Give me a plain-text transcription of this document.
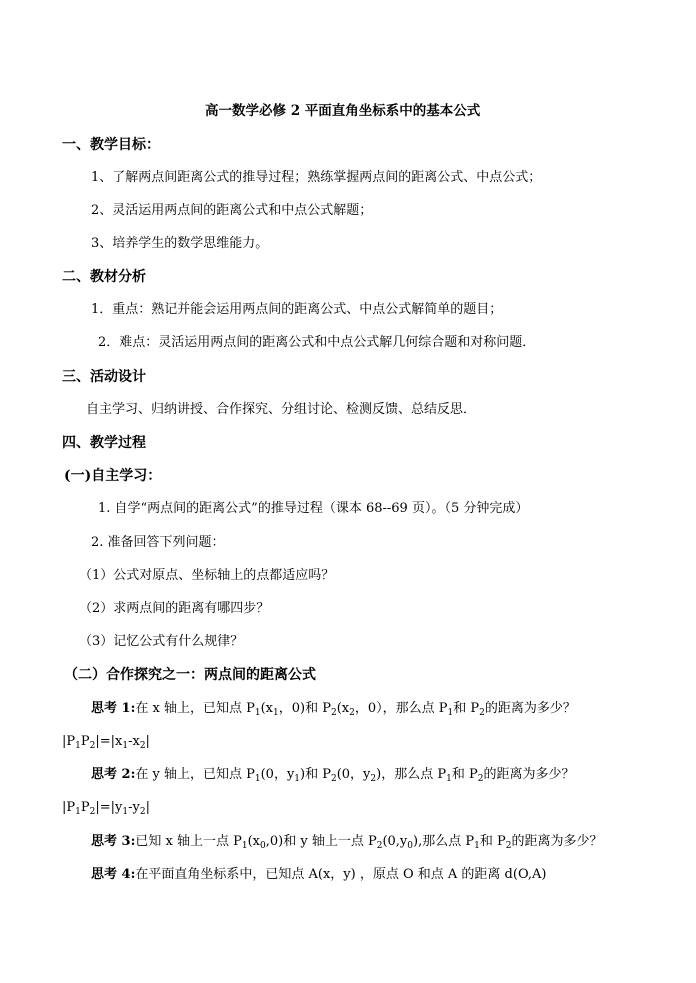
高一数学必修 2 平面直角坐标系中的基本公式
一、教学目标：
1、了解两点间距离公式的推导过程；熟练掌握两点间的距离公式、中点公式；
2、灵活运用两点间的距离公式和中点公式解题；
3、培养学生的数学思维能力。
二、教材分析
1．重点：熟记并能会运用两点间的距离公式、中点公式解简单的题目；
2．难点：灵活运用两点间的距离公式和中点公式解几何综合题和对称问题．
三、活动设计
自主学习、归纳讲授、合作探究、分组讨论、检测反馈、总结反思．
四、教学过程
(一)自主学习：
1. 自学“两点间的距离公式”的推导过程（课本 68--69 页）。（5 分钟完成）
2. 准备回答下列问题：
（1）公式对原点、坐标轴上的点都适应吗？
（2）求两点间的距离有哪四步？
（3）记忆公式有什么规律？
（二）合作探究之一：两点间的距离公式
思考 1:在 x 轴上，已知点 $P_1(x_1$，0)和 $P_2(x_2$，0），那么点 $P_1$和 $P_2$的距离为多少？
$|P_1P_2|=|x_1-x_2|$
思考 2:在 y 轴上，已知点 $P_1(0$，$y_1$)和 $P_2(0$，$y_2$)，那么点 $P_1$和 $P_2$的距离为多少？
$|P_1P_2|=|y_1-y_2|$
思考 3:已知 x 轴上一点 $P_1(x_0,0)$和 y 轴上一点 $P_2(0,y_0)$,那么点 $P_1$和 $P_2$的距离为多少？
思考 4:在平面直角坐标系中，已知点 A(x，y) ，原点 O 和点 A 的距离 d(O,A)
